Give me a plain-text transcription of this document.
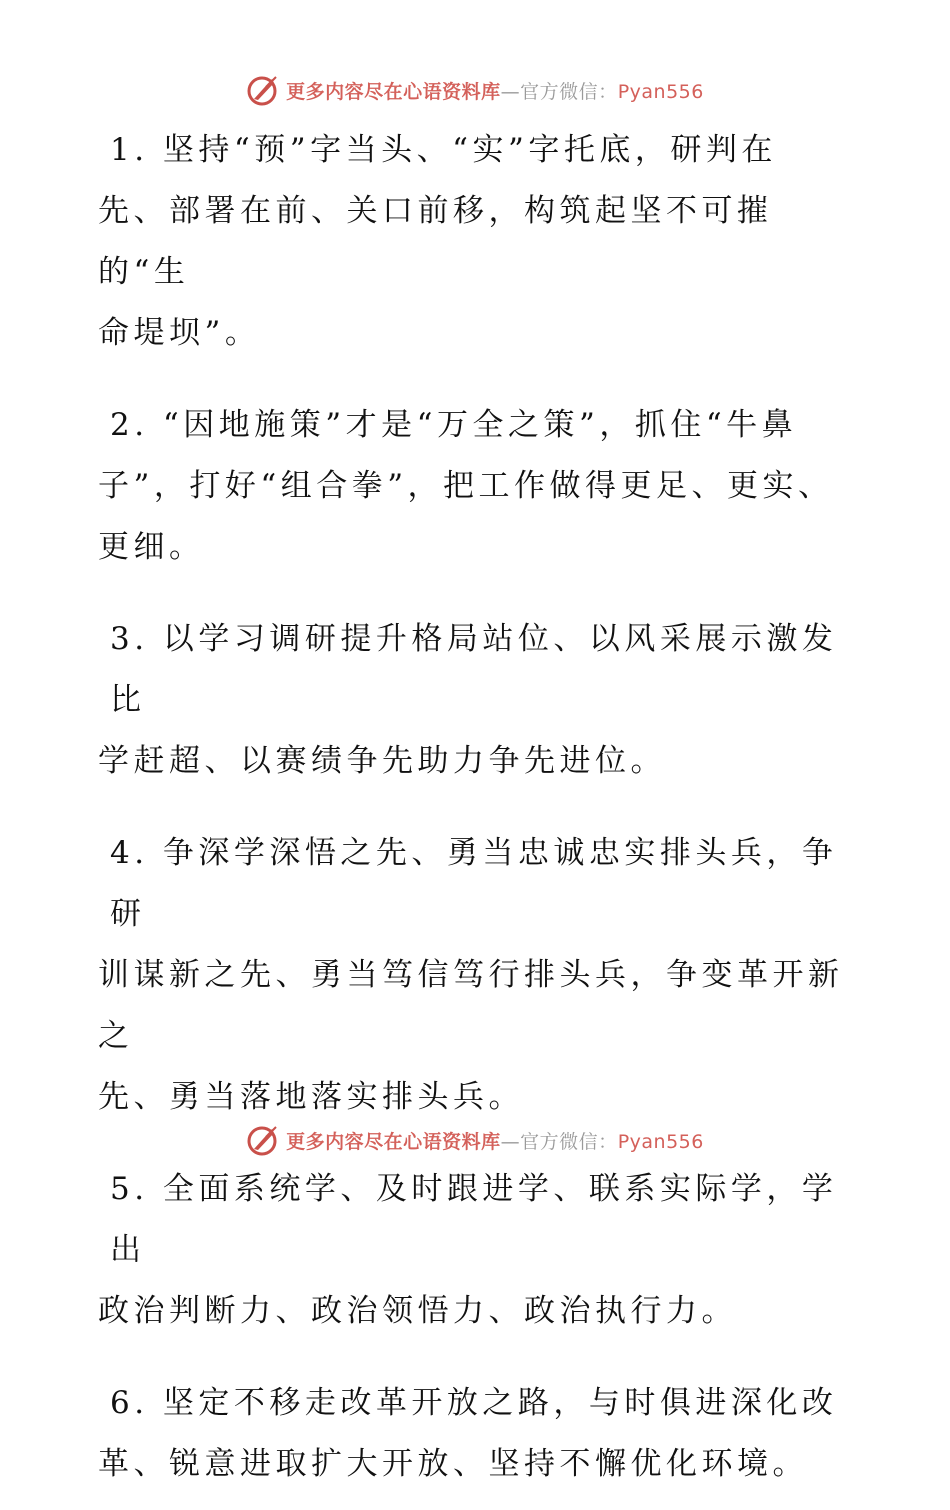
更多内容尽在心语资料库—官方微信：Pyan556

1. 坚持“预”字当头、“实”字托底，研判在
先、部署在前、关口前移，构筑起坚不可摧的“生
命堤坝”。

2. “因地施策”才是“万全之策”，抓住“牛鼻
子”，打好“组合拳”，把工作做得更足、更实、
更细。

3. 以学习调研提升格局站位、以风采展示激发比
学赶超、以赛绩争先助力争先进位。

4. 争深学深悟之先、勇当忠诚忠实排头兵，争研
训谋新之先、勇当笃信笃行排头兵，争变革开新之
先、勇当落地落实排头兵。

5. 全面系统学、及时跟进学、联系实际学，学出
政治判断力、政治领悟力、政治执行力。

6. 坚定不移走改革开放之路，与时俱进深化改
革、锐意进取扩大开放、坚持不懈优化环境。

更多内容尽在心语资料库—官方微信：Pyan556
